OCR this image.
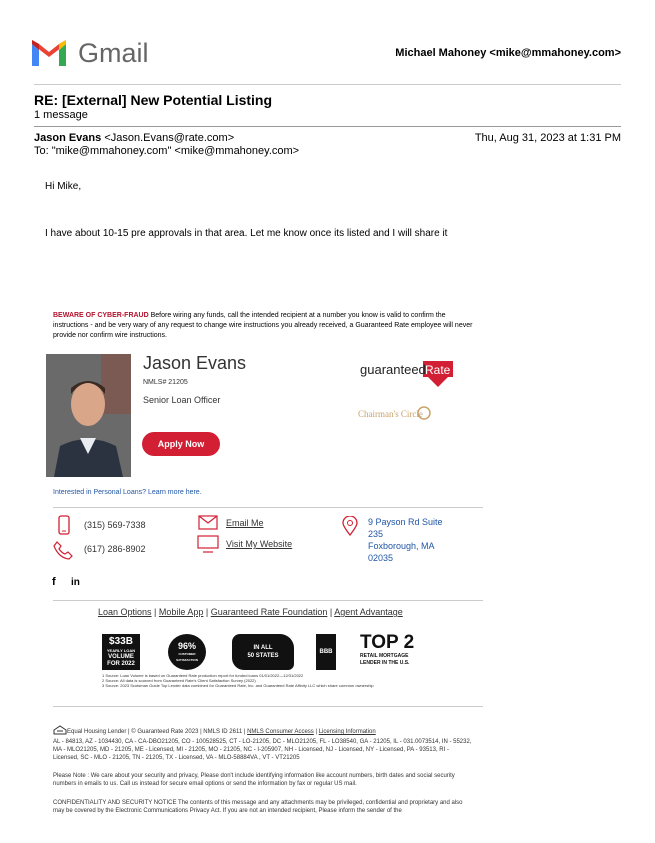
Gmail	Michael Mahoney <mike@mmahoney.com>
RE: [External] New Potential Listing
1 message
Jason Evans <Jason.Evans@rate.com>
To: "mike@mmahoney.com" <mike@mmahoney.com>
Thu, Aug 31, 2023 at 1:31 PM
Hi Mike,
I have about 10-15 pre approvals in that area. Let me know once its listed and I will share it
BEWARE OF CYBER-FRAUD Before wiring any funds, call the intended recipient at a number you know is valid to confirm the instructions - and be very wary of any request to change wire instructions you already received, a Guaranteed Rate employee will never provide nor confirm wire instructions.
Jason Evans
NMLS# 21205
Senior Loan Officer
Apply Now
guaranteed Rate
Chairman's Circle
Interested in Personal Loans? Learn more here.
(315) 569-7338
(617) 286-8902
Email Me
Visit My Website
9 Payson Rd Suite
235
Foxborough, MA
02035
f in
Loan Options | Mobile App | Guaranteed Rate Foundation | Agent Advantage
$33B
YEARLY LOAN
VOLUME
FOR 2022
96%
CUSTOMER SATISFACTION
IN ALL
50 STATES
BBB TOP 2
RETAIL MORTGAGE
LENDER IN THE U.S.
1 Source: Loan Volume is based on Guaranteed Rate production report for funded loans 01/01/2022—12/31/2022
2 Source: All data is sourced from Guaranteed Rate's Client Satisfaction Survey (2022)
3 Source: 2023 Scotsman Guide Top Lender data combined for Guaranteed Rate, Inc. and Guaranteed Rate Affinity LLC which share common ownership
Equal Housing Lender | © Guaranteed Rate 2023 | NMLS ID 2611 | NMLS Consumer Access | Licensing Information
AL - 84813, AZ - 1034430, CA - CA-DBO21205, CO - 100528525, CT - LO-21205, DC - MLO21205, FL - LO38540, GA - 21205, IL - 031.0073514, IN - 55232, MA - MLO21205, MD - 21205, ME - Licensed, MI - 21205, MO - 21205, NC - I-205907, NH - Licensed, NJ - Licensed, NY - Licensed, PA - 93513, RI - Licensed, SC - MLO - 21205, TN - 21205, TX - Licensed, VA - MLO-58884VA , VT - VT21205
Please Note : We care about your security and privacy, Please don't include identifying information like account numbers, birth dates and social security numbers in emails to us. Call us instead for secure email options or send the information by fax or regular US mail.
CONFIDENTIALITY AND SECURITY NOTICE The contents of this message and any attachments may be privileged, confidential and proprietary and also may be covered by the Electronic Communications Privacy Act. If you are not an intended recipient, Please inform the sender of the
